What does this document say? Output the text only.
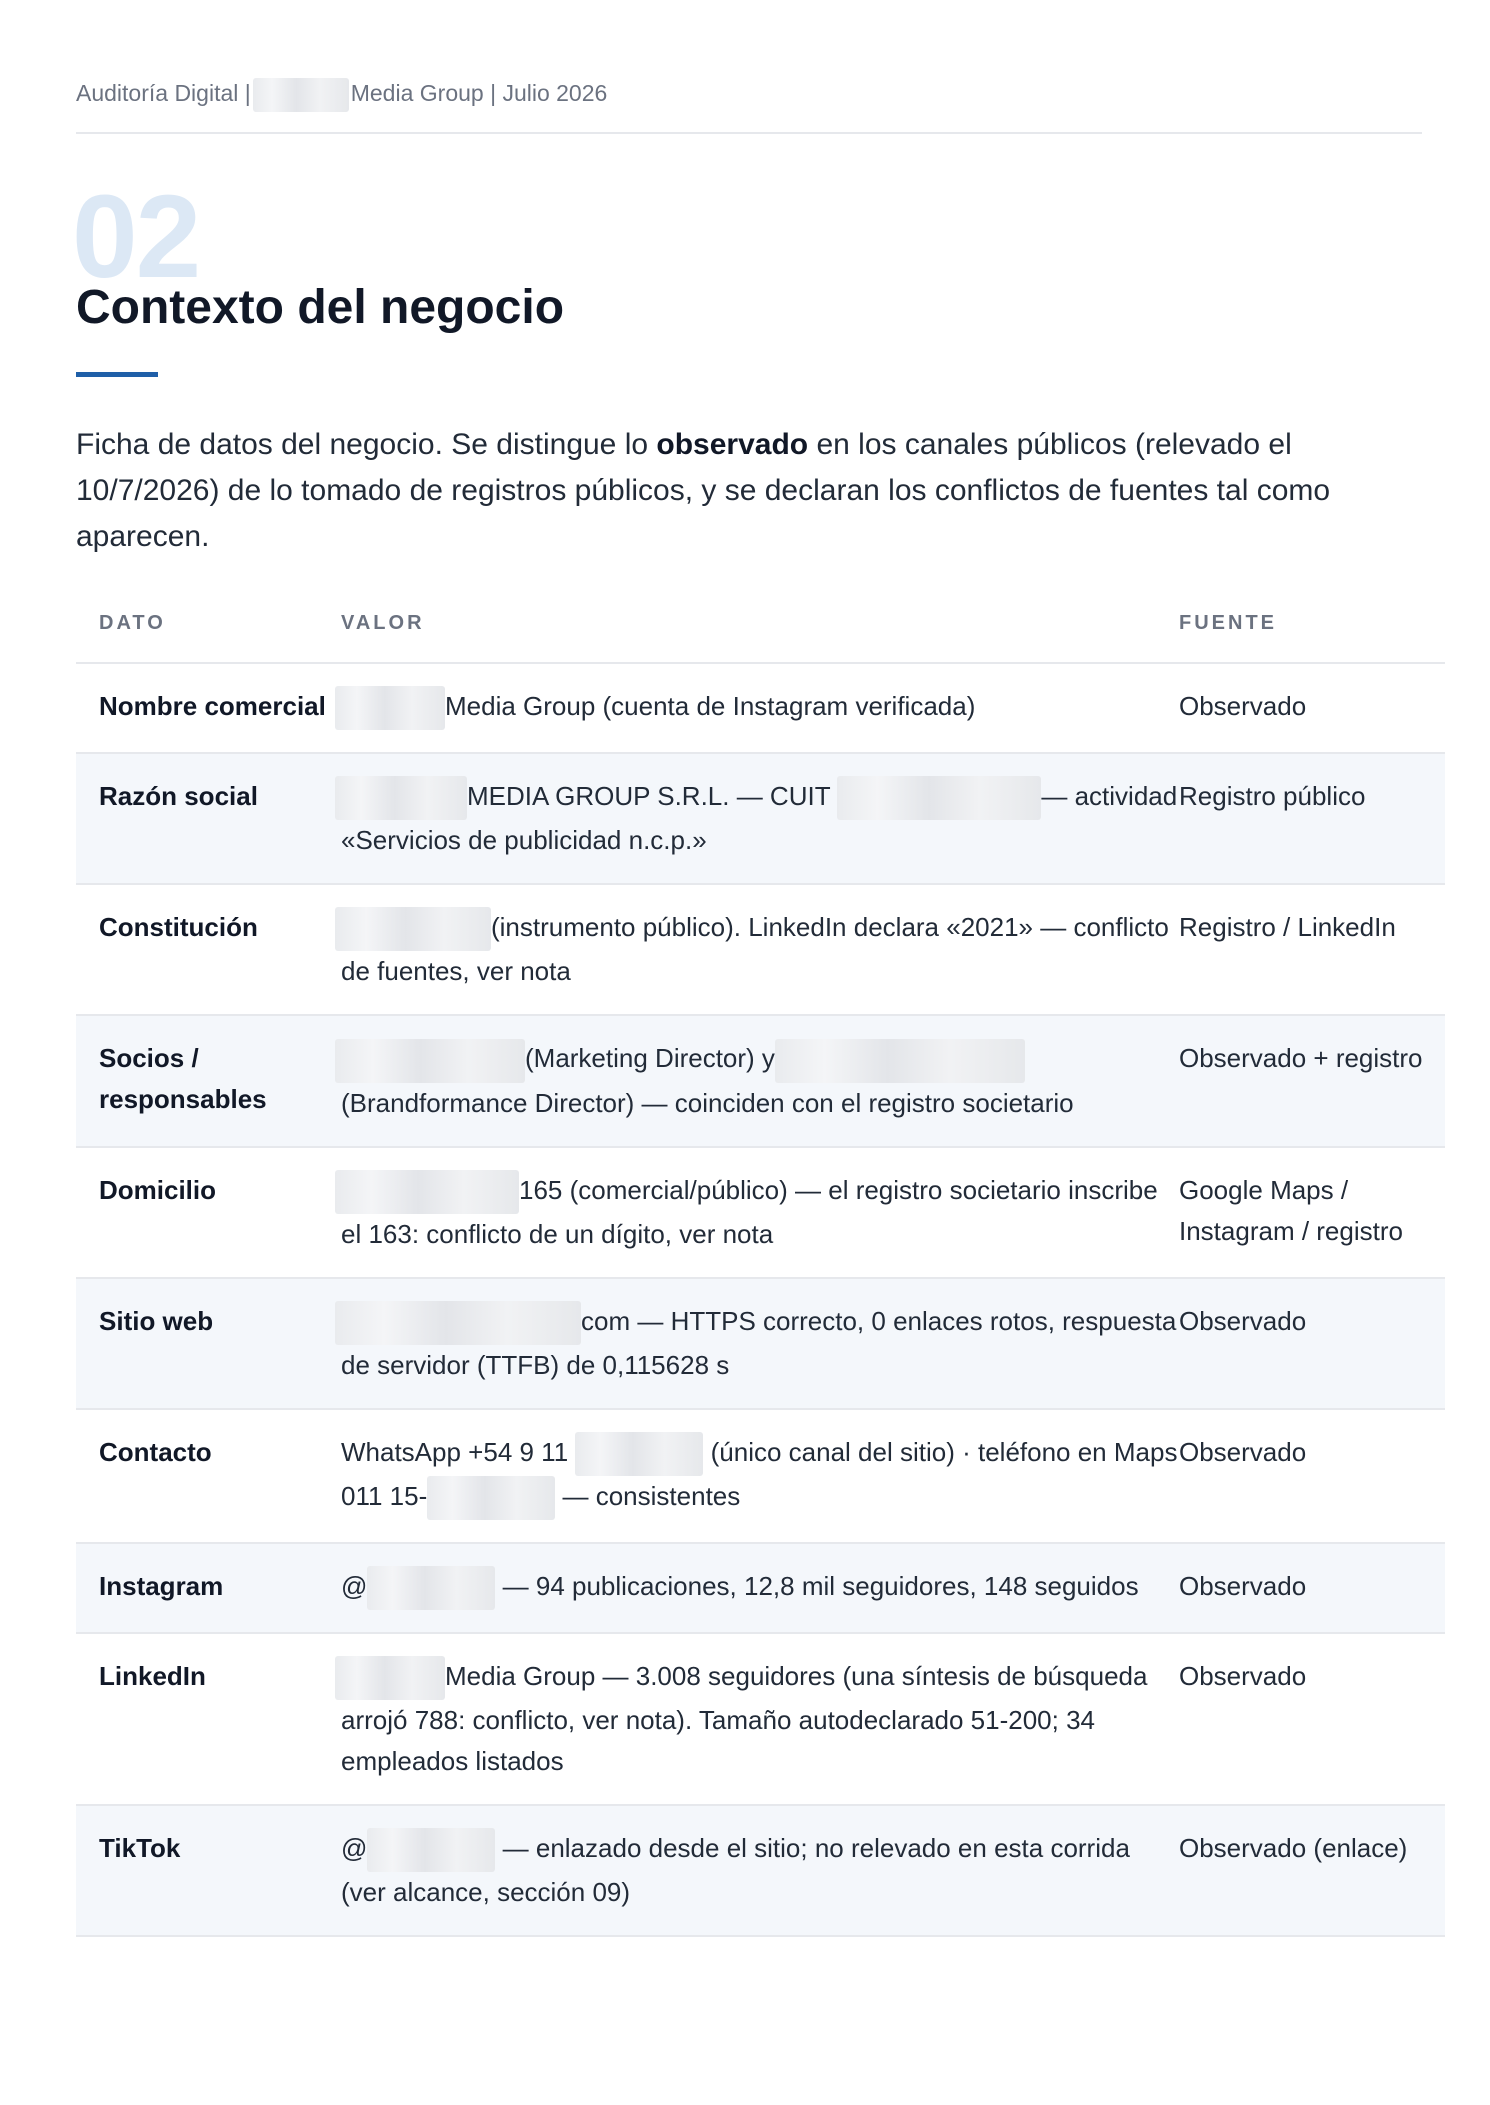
Auditoría Digital |	Media Group | Julio 2026
02
Contexto del negocio

Ficha de datos del negocio. Se distingue lo observado en los canales públicos (relevado el 10/7/2026) de lo tomado de registros públicos, y se declaran los conflictos de fuentes tal como aparecen.

DATO	VALOR	FUENTE
Nombre comercial	Media Group (cuenta de Instagram verificada)	Observado
Razón social	MEDIA GROUP S.R.L. — CUIT — actividad «Servicios de publicidad n.c.p.»	Registro público
Constitución	(instrumento público). LinkedIn declara «2021» — conflicto de fuentes, ver nota	Registro / LinkedIn
Socios / responsables	(Marketing Director) y (Brandformance Director) — coinciden con el registro societario	Observado + registro
Domicilio	165 (comercial/público) — el registro societario inscribe el 163: conflicto de un dígito, ver nota	Google Maps / Instagram / registro
Sitio web	com — HTTPS correcto, 0 enlaces rotos, respuesta de servidor (TTFB) de 0,115628 s	Observado
Contacto	WhatsApp +54 9 11 (único canal del sitio) · teléfono en Maps 011 15- — consistentes	Observado
Instagram	@ — 94 publicaciones, 12,8 mil seguidores, 148 seguidos	Observado
LinkedIn	Media Group — 3.008 seguidores (una síntesis de búsqueda arrojó 788: conflicto, ver nota). Tamaño autodeclarado 51-200; 34 empleados listados	Observado
TikTok	@ — enlazado desde el sitio; no relevado en esta corrida (ver alcance, sección 09)	Observado (enlace)
